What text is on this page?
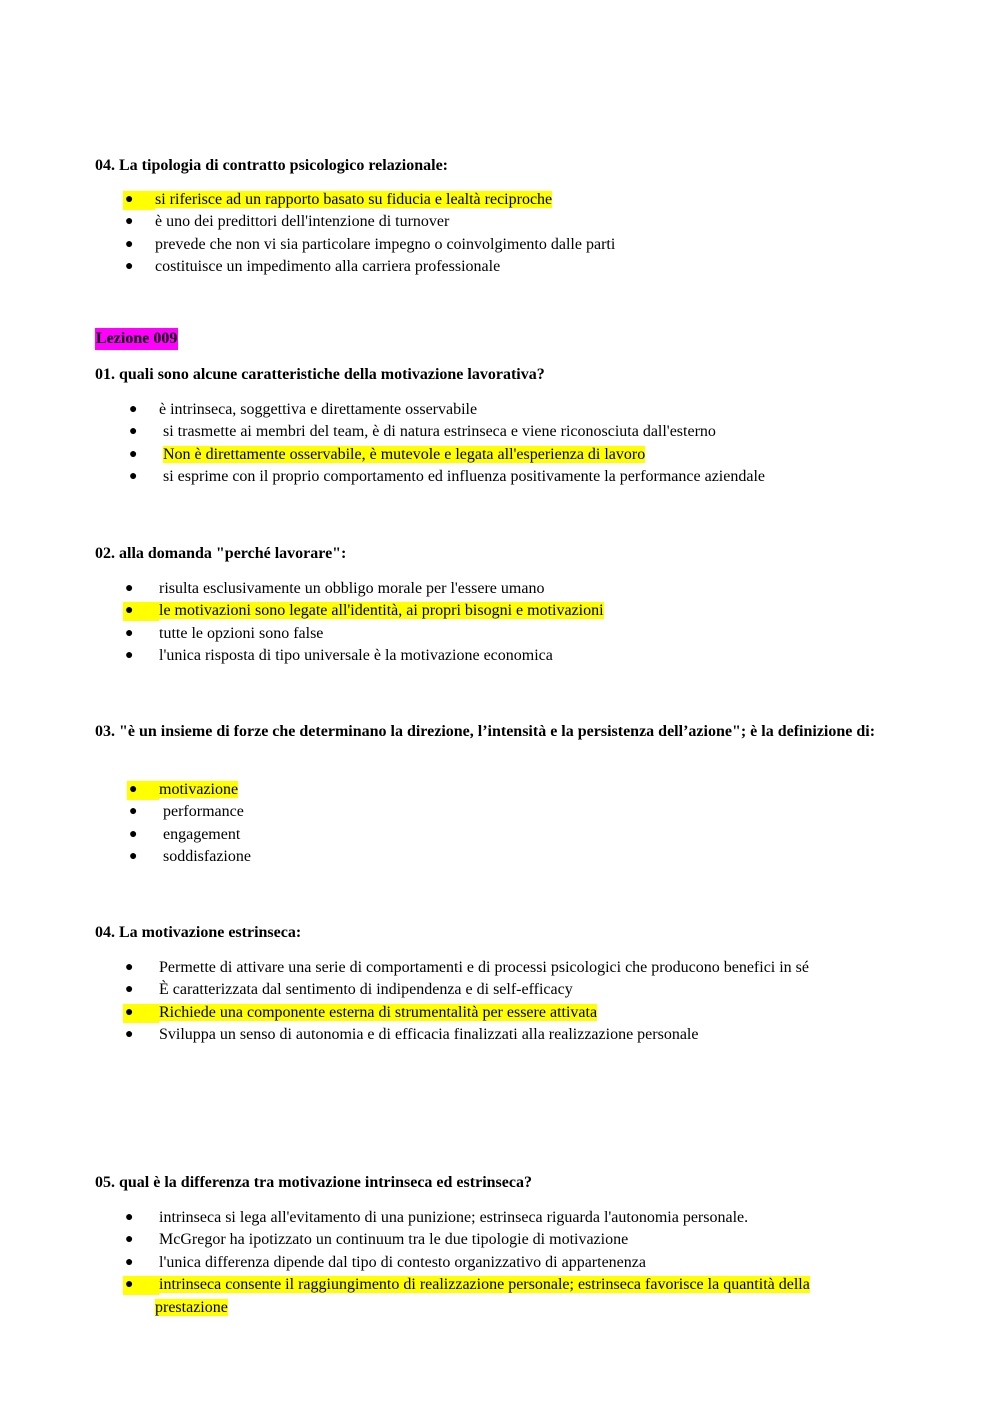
04. La tipologia di contratto psicologico relazionale:

● si riferisce ad un rapporto basato su fiducia e lealtà reciproche
● è uno dei predittori dell'intenzione di turnover
● prevede che non vi sia particolare impegno o coinvolgimento dalle parti
● costituisce un impedimento alla carriera professionale
Lezione 009

01. quali sono alcune caratteristiche della motivazione lavorativa?

● è intrinseca, soggettiva e direttamente osservabile
● si trasmette ai membri del team, è di natura estrinseca e viene riconosciuta dall'esterno
● Non è direttamente osservabile, è mutevole e legata all'esperienza di lavoro
● si esprime con il proprio comportamento ed influenza positivamente la performance aziendale

02. alla domanda "perché lavorare":

● risulta esclusivamente un obbligo morale per l'essere umano
● le motivazioni sono legate all'identità, ai propri bisogni e motivazioni
● tutte le opzioni sono false
● l'unica risposta di tipo universale è la motivazione economica

03. "è un insieme di forze che determinano la direzione, l’intensità e la persistenza dell’azione"; è la definizione di:

● motivazione
● performance
● engagement
● soddisfazione

04. La motivazione estrinseca:

● Permette di attivare una serie di comportamenti e di processi psicologici che producono benefici in sé
● È caratterizzata dal sentimento di indipendenza e di self-efficacy
● Richiede una componente esterna di strumentalità per essere attivata
● Sviluppa un senso di autonomia e di efficacia finalizzati alla realizzazione personale

05. qual è la differenza tra motivazione intrinseca ed estrinseca?

● intrinseca si lega all'evitamento di una punizione; estrinseca riguarda l'autonomia personale.
● McGregor ha ipotizzato un continuum tra le due tipologie di motivazione
● l'unica differenza dipende dal tipo di contesto organizzativo di appartenenza
● intrinseca consente il raggiungimento di realizzazione personale; estrinseca favorisce la quantità della
prestazione
